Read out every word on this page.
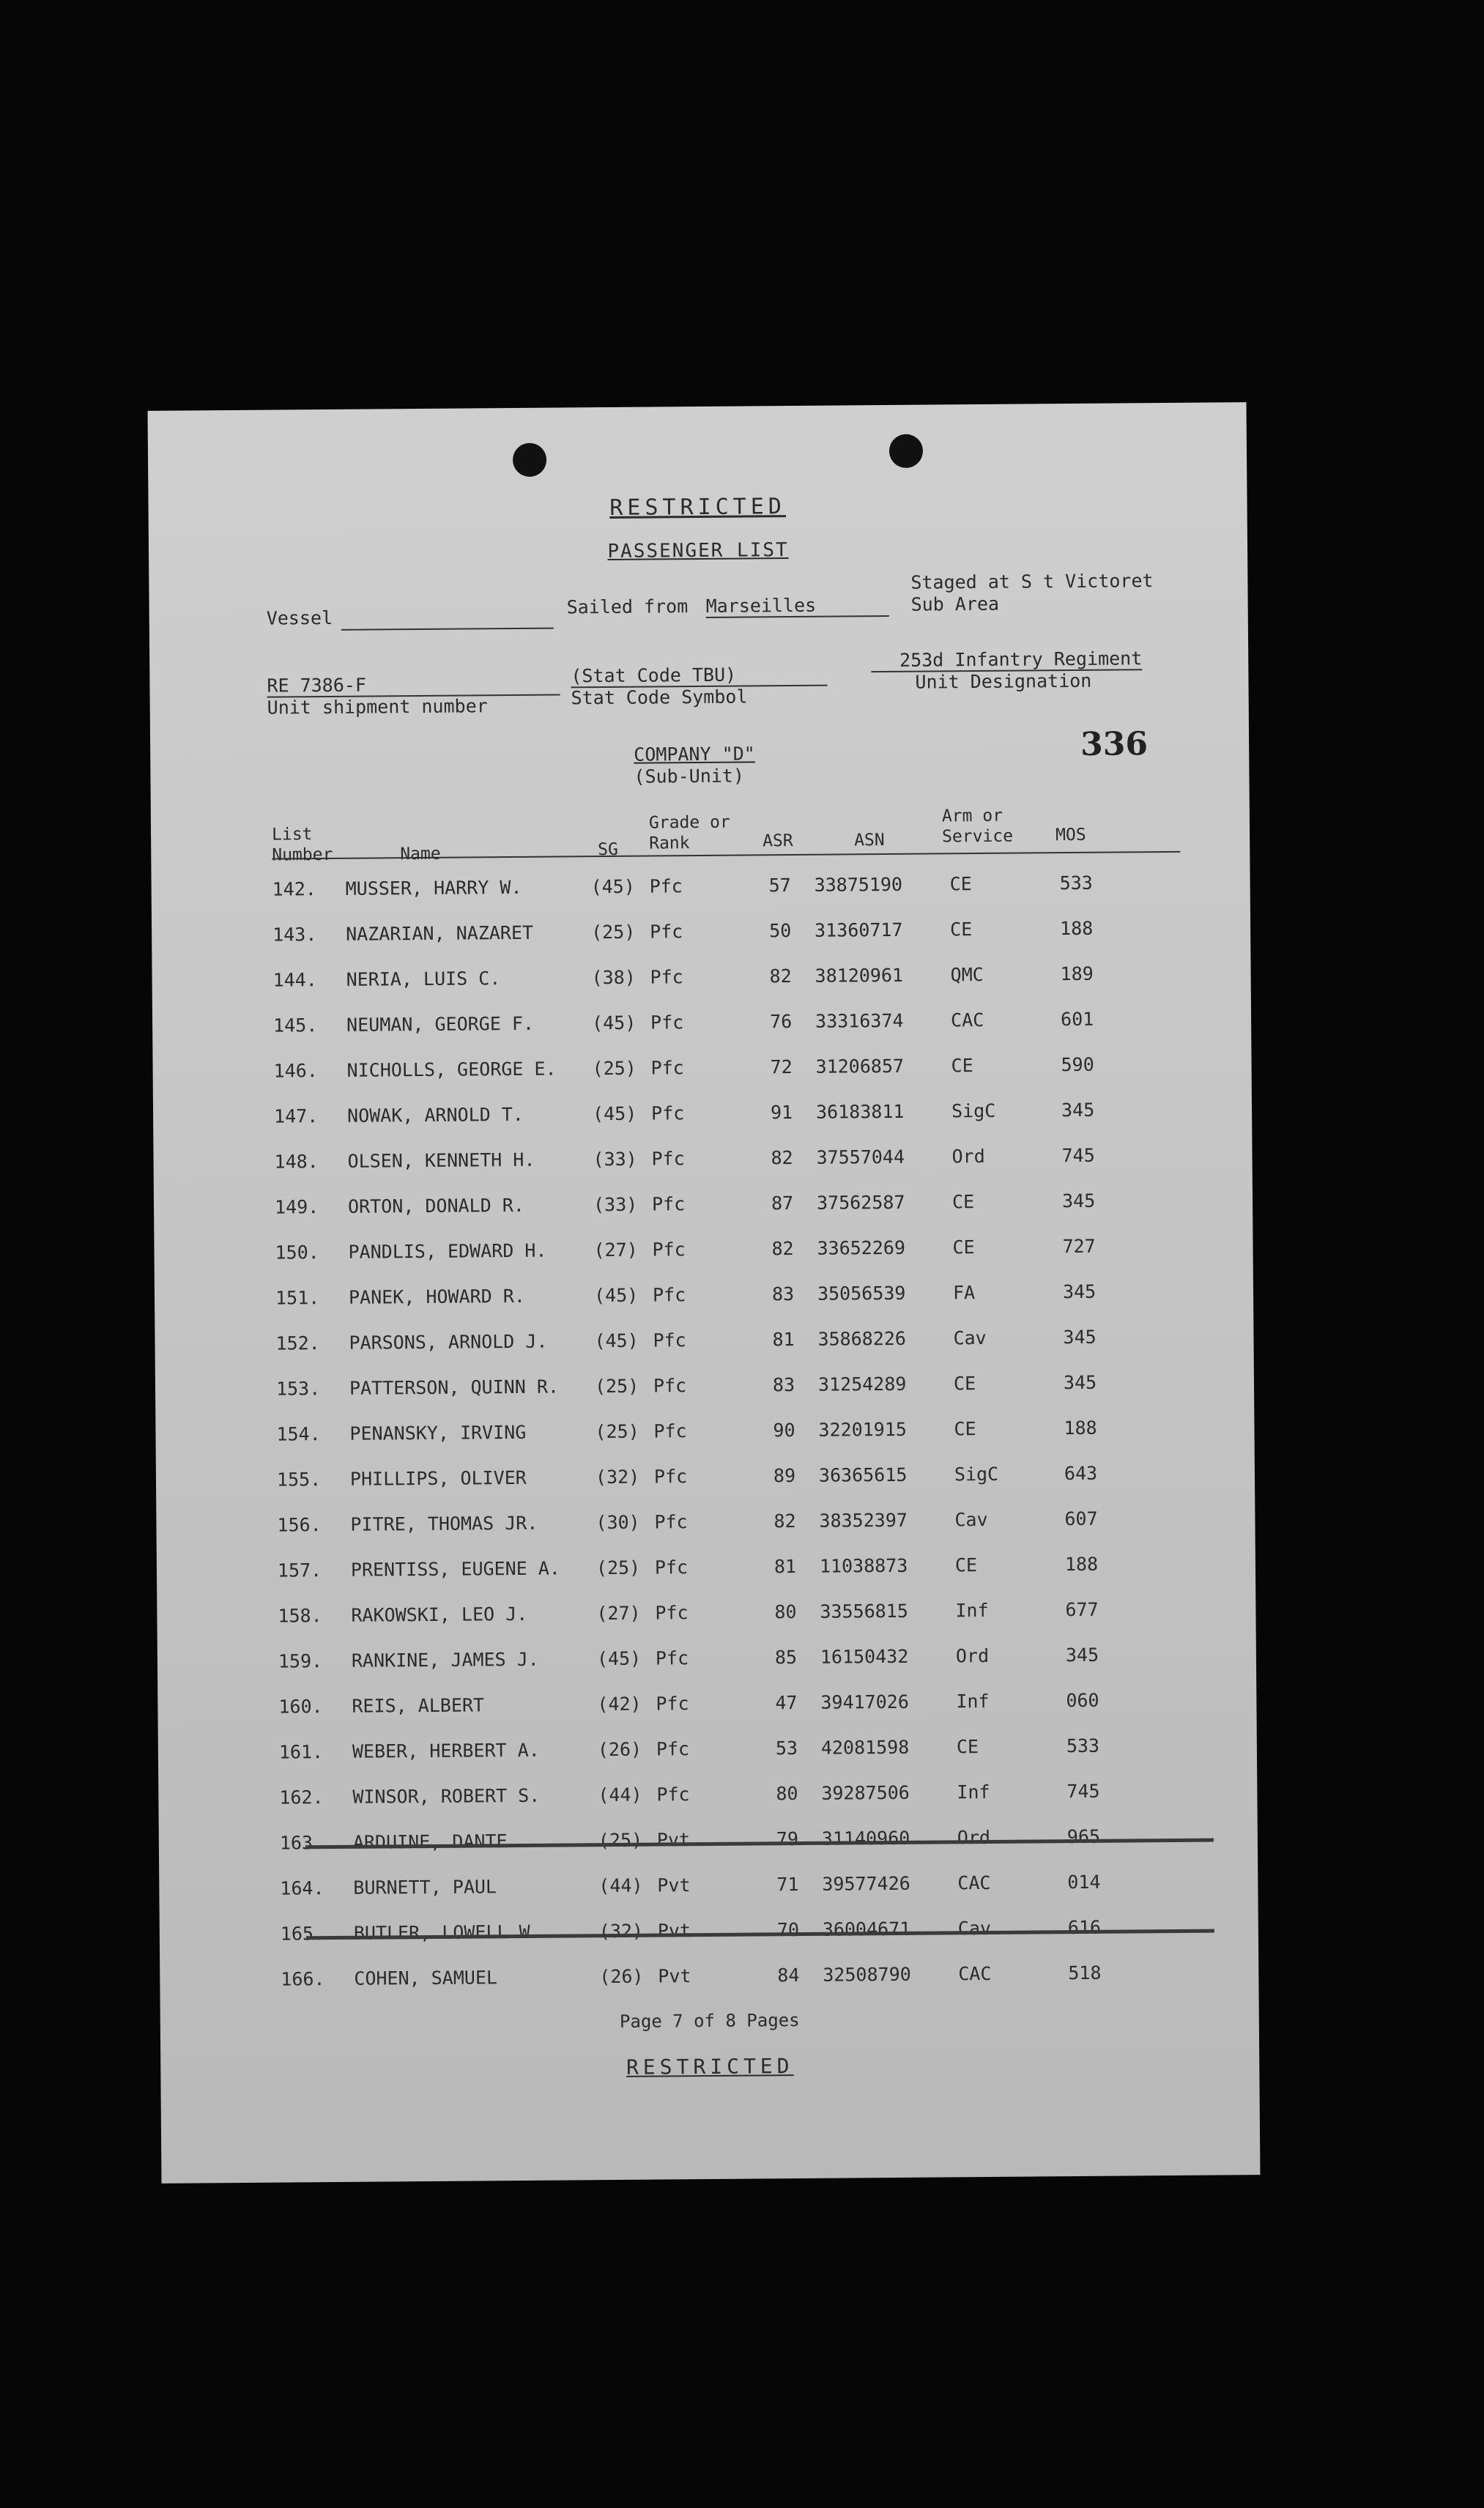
RESTRICTED
PASSENGER LIST
Vessel
Sailed from Marseilles
Staged at S t Victoret
Sub Area
RE 7386-F
Unit shipment number
(Stat Code TBU)
Stat Code Symbol
253d Infantry Regiment
Unit Designation
COMPANY "D"
(Sub-Unit)
336
List
Number	Name	SG
Grade or
Rank	ASR	ASN
Arm or
Service	MOS
142. MUSSER, HARRY W.	(45) Pfc	57 33875190	CE	533
143. NAZARIAN, NAZARET	(25) Pfc	50 31360717	CE	188
144. NERIA, LUIS C.	(38) Pfc	82 38120961	QMC	189
145. NEUMAN, GEORGE F.	(45) Pfc	76 33316374	CAC	601
146. NICHOLLS, GEORGE E. (25) Pfc	72 31206857	CE	590
147. NOWAK, ARNOLD T.	(45) Pfc	91 36183811	SigC	345
148. OLSEN, KENNETH H.	(33) Pfc	82 37557044	Ord	745
149. ORTON, DONALD R.	(33) Pfc	87 37562587	CE	345
150. PANDLIS, EDWARD H.	(27) Pfc	82 33652269	CE	727
151. PANEK, HOWARD R.	(45) Pfc	83 35056539	FA	345
152. PARSONS, ARNOLD J.	(45) Pfc	81 35868226	Cav	345
153. PATTERSON, QUINN R. (25) Pfc	83 31254289	CE	345
154. PENANSKY, IRVING	(25) Pfc	90 32201915	CE	188
155. PHILLIPS, OLIVER	(32) Pfc	89 36365615	SigC	643
156. PITRE, THOMAS JR.	(30) Pfc	82 38352397	Cav	607
157. PRENTISS, EUGENE A. (25) Pfc	81 11038873	CE	188
158. RAKOWSKI, LEO J.	(27) Pfc	80 33556815	Inf	677
159. RANKINE, JAMES J.	(45) Pfc	85 16150432	Ord	345
160. REIS, ALBERT	(42) Pfc	47 39417026	Inf	060
161. WEBER, HERBERT A.	(26) Pfc	53 42081598	CE	533
162. WINSOR, ROBERT S.	(44) Pfc	80 39287506	Inf	745
163. ARDUINE, DANTE	(25) Pvt	79 31140960	Ord	965
164. BURNETT, PAUL	(44) Pvt	71 39577426	CAC	014
165. BUTLER, LOWELL W.	(32) Pvt	70 36004671	Cav	616
166. COHEN, SAMUEL	(26) Pvt	84 32508790	CAC	518
Page 7 of 8 Pages
RESTRICTED
